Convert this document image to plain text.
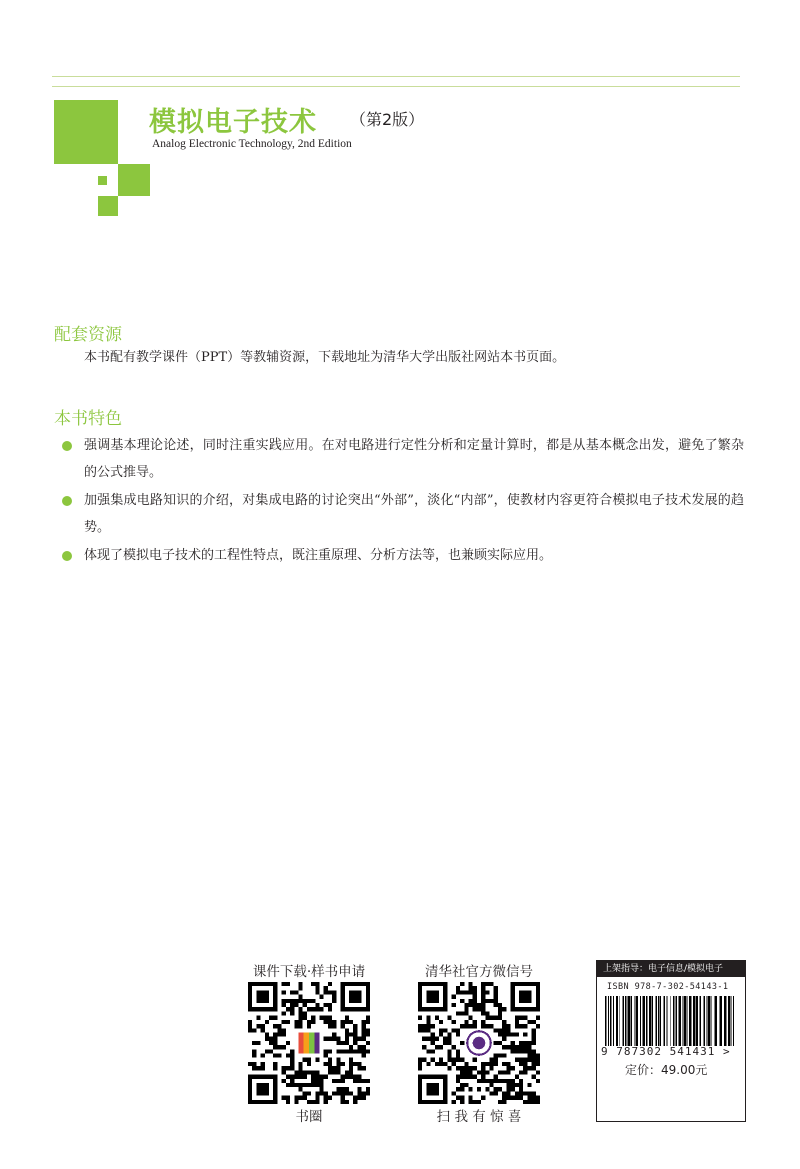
模拟电子技术 （第2版）
Analog Electronic Technology, 2nd Edition
配套资源
本书配有教学课件（PPT）等教辅资源，下载地址为清华大学出版社网站本书页面。
本书特色
强调基本理论论述，同时注重实践应用。在对电路进行定性分析和定量计算时，都是从基本概念出发，避免了繁杂的公式推导。
加强集成电路知识的介绍，对集成电路的讨论突出“外部”，淡化“内部”，使教材内容更符合模拟电子技术发展的趋势。
体现了模拟电子技术的工程性特点，既注重原理、分析方法等，也兼顾实际应用。
课件下载·样书申请
书圈
清华社官方微信号
扫 我 有 惊 喜
上架指导：电子信息/模拟电子
ISBN 978-7-302-54143-1
9 787302 541431 >
定价：49.00元
